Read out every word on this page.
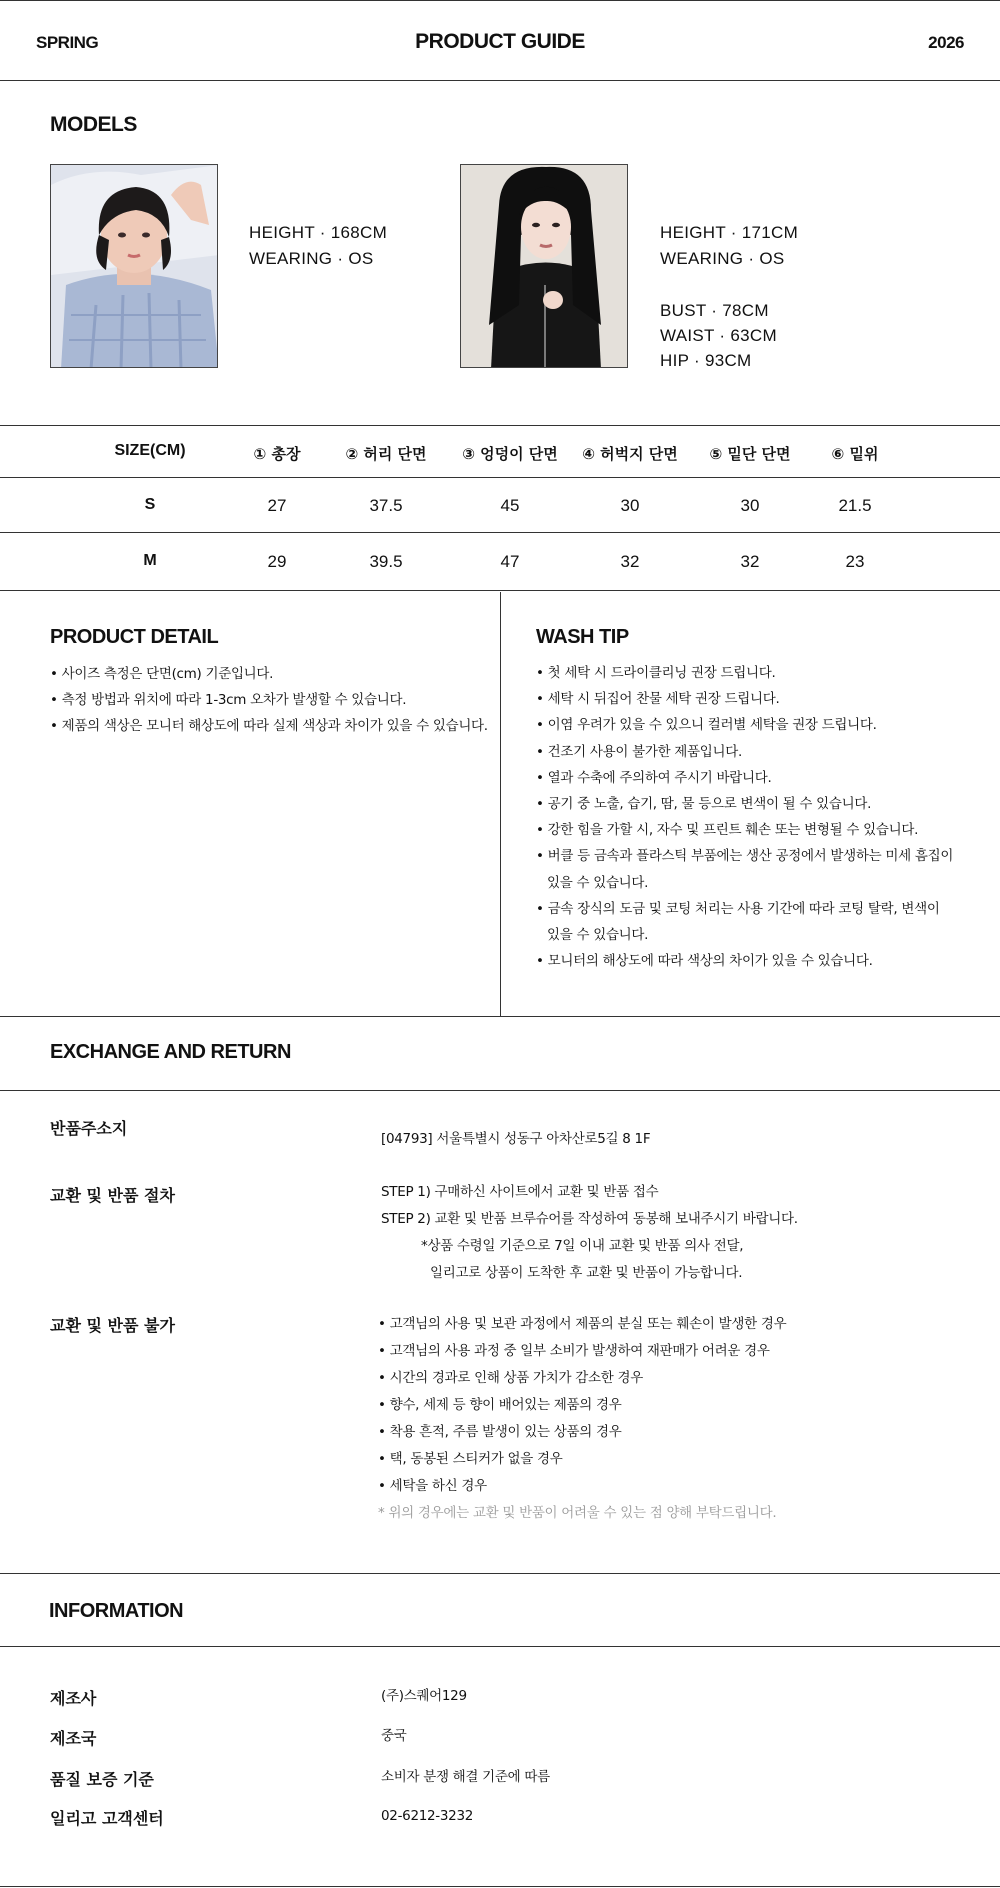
SPRING	PRODUCT GUIDE	2026
MODELS
HEIGHT · 168CM
WEARING · OS
HEIGHT · 171CM
WEARING · OS
BUST · 78CM
WAIST · 63CM
HIP · 93CM
SIZE(CM)	① 총장	② 허리 단면	③ 엉덩이 단면	④ 허벅지 단면	⑤ 밑단 단면	⑥ 밑위
S	27	37.5	45	30	30	21.5
M	29	39.5	47	32	32	23
PRODUCT DETAIL
• 사이즈 측정은 단면(cm) 기준입니다.
• 측정 방법과 위치에 따라 1-3cm 오차가 발생할 수 있습니다.
• 제품의 색상은 모니터 해상도에 따라 실제 색상과 차이가 있을 수 있습니다.
WASH TIP
• 첫 세탁 시 드라이클리닝 권장 드립니다.
• 세탁 시 뒤집어 찬물 세탁 권장 드립니다.
• 이염 우려가 있을 수 있으니 컬러별 세탁을 권장 드립니다.
• 건조기 사용이 불가한 제품입니다.
• 열과 수축에 주의하여 주시기 바랍니다.
• 공기 중 노출, 습기, 땀, 물 등으로 변색이 될 수 있습니다.
• 강한 힘을 가할 시, 자수 및 프린트 훼손 또는 변형될 수 있습니다.
• 버클 등 금속과 플라스틱 부품에는 생산 공정에서 발생하는 미세 흠집이
있을 수 있습니다.
• 금속 장식의 도금 및 코팅 처리는 사용 기간에 따라 코팅 탈락, 변색이
있을 수 있습니다.
• 모니터의 해상도에 따라 색상의 차이가 있을 수 있습니다.
EXCHANGE AND RETURN
반품주소지
[04793] 서울특별시 성동구 아차산로5길 8 1F
교환 및 반품 절차	STEP 1) 구매하신 사이트에서 교환 및 반품 접수
STEP 2) 교환 및 반품 브루슈어를 작성하여 동봉해 보내주시기 바랍니다.
*상품 수령일 기준으로 7일 이내 교환 및 반품 의사 전달,
일리고로 상품이 도착한 후 교환 및 반품이 가능합니다.
교환 및 반품 불가	• 고객님의 사용 및 보관 과정에서 제품의 분실 또는 훼손이 발생한 경우
• 고객님의 사용 과정 중 일부 소비가 발생하여 재판매가 어려운 경우
• 시간의 경과로 인해 상품 가치가 감소한 경우
• 향수, 세제 등 향이 배어있는 제품의 경우
• 착용 흔적, 주름 발생이 있는 상품의 경우
• 택, 동봉된 스티커가 없을 경우
• 세탁을 하신 경우
* 위의 경우에는 교환 및 반품이 어려울 수 있는 점 양해 부탁드립니다.
INFORMATION
제조사	(주)스퀘어129
제조국	중국
품질 보증 기준	소비자 분쟁 해결 기준에 따름
일리고 고객센터	02-6212-3232
